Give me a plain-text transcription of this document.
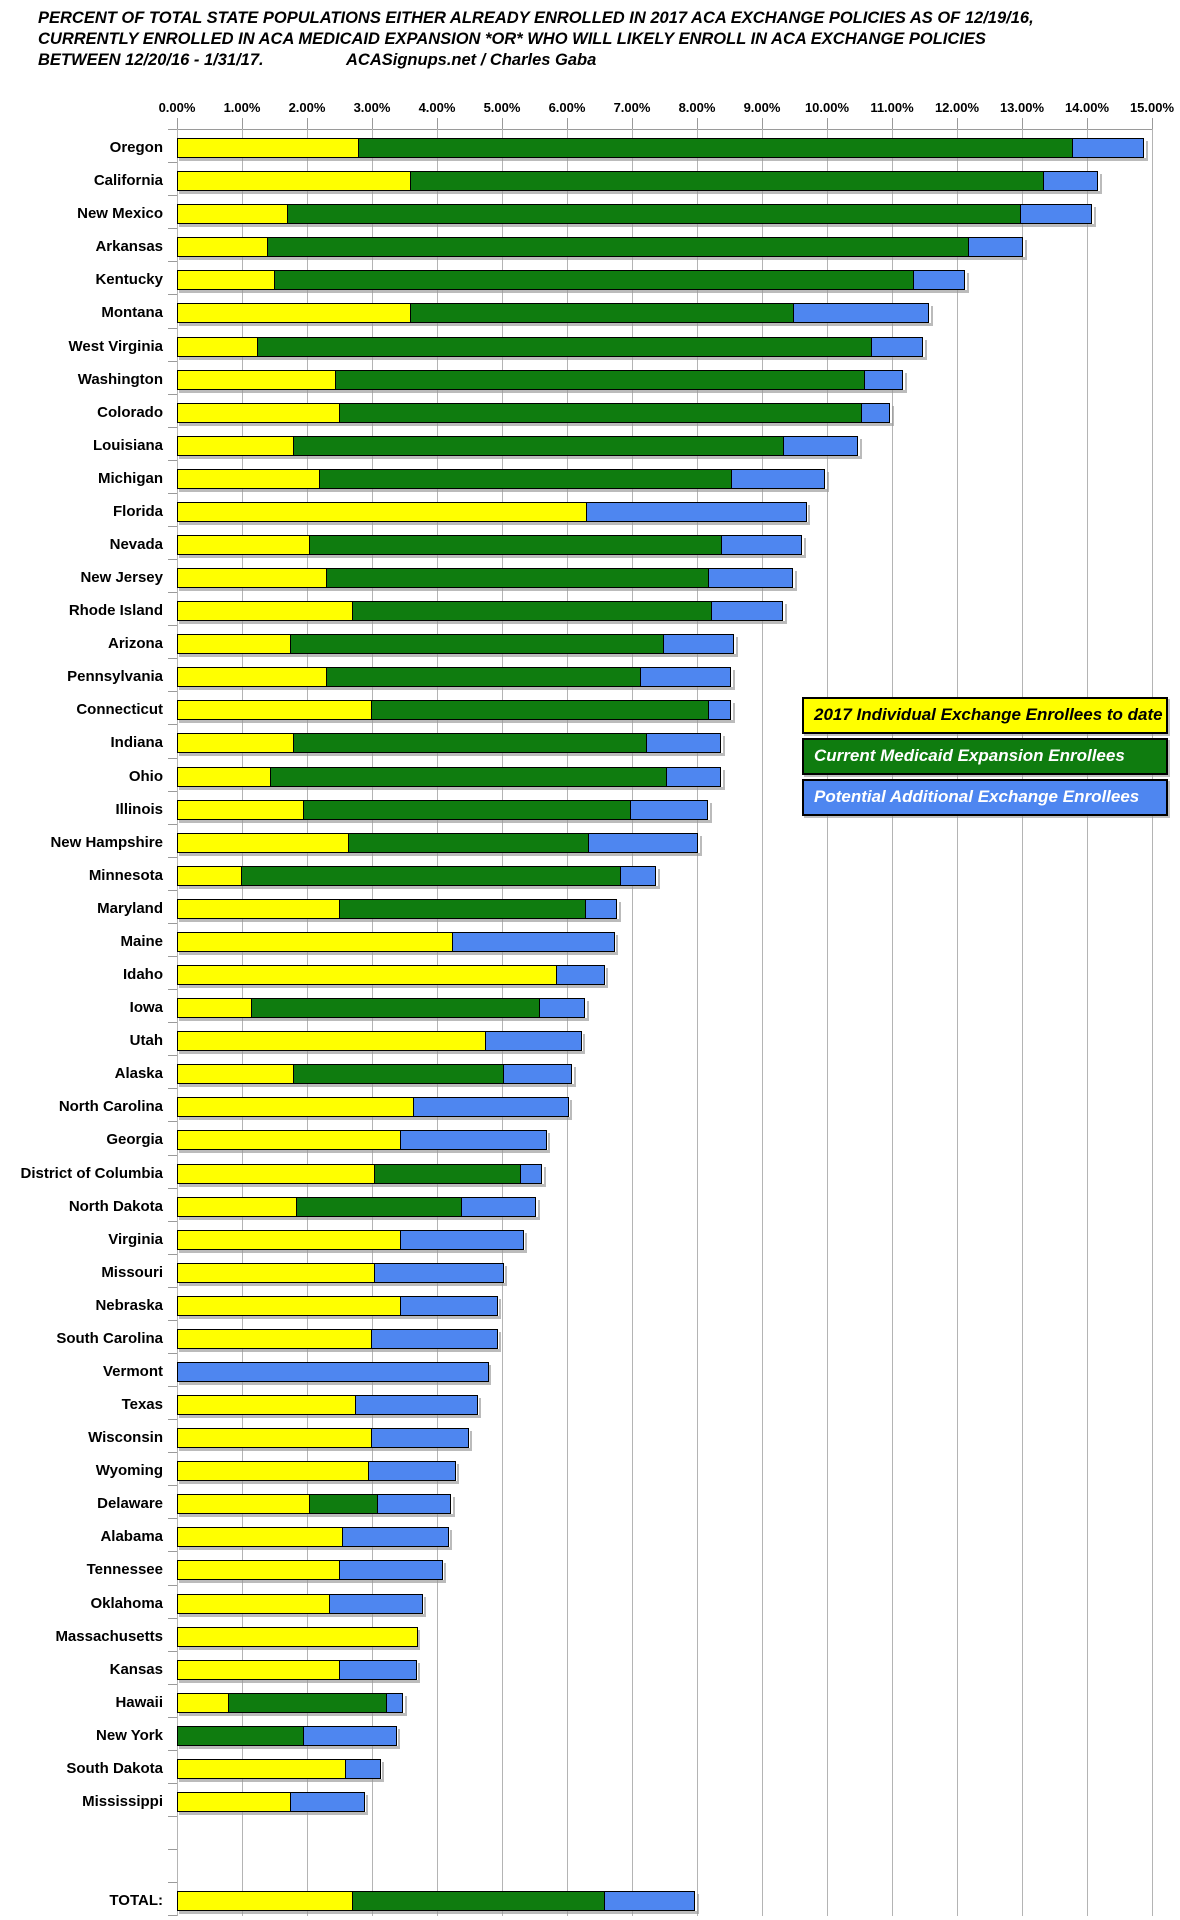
PERCENT OF TOTAL STATE POPULATIONS EITHER ALREADY ENROLLED IN 2017 ACA EXCHANGE POLICIES AS OF 12/19/16,
CURRENTLY ENROLLED IN ACA MEDICAID EXPANSION *OR* WHO WILL LIKELY ENROLL IN ACA EXCHANGE POLICIES
BETWEEN 12/20/16 - 1/31/17.	ACASignups.net / Charles Gaba
0.00%	1.00%	2.00%	3.00%	4.00%	5.00%	6.00%	7.00%	8.00%	9.00%	10.00%	11.00%	12.00%	13.00%	14.00%	15.00%
Oregon
California
New Mexico
Arkansas
Kentucky
Montana
West Virginia
Washington
Colorado
Louisiana
Michigan
Florida
Nevada
New Jersey
Rhode Island
Arizona
Pennsylvania
Connecticut
Indiana
Ohio
Illinois
New Hampshire
Minnesota
Maryland
Maine
Idaho
Iowa
Utah
Alaska
North Carolina
Georgia
District of Columbia
North Dakota
Virginia
Missouri
Nebraska
South Carolina
Vermont
Texas
Wisconsin
Wyoming
Delaware
Alabama
Tennessee
Oklahoma
Massachusetts
Kansas
Hawaii
New York
South Dakota
Mississippi
TOTAL:
2017 Individual Exchange Enrollees to date
Current Medicaid Expansion Enrollees
Potential Additional Exchange Enrollees
